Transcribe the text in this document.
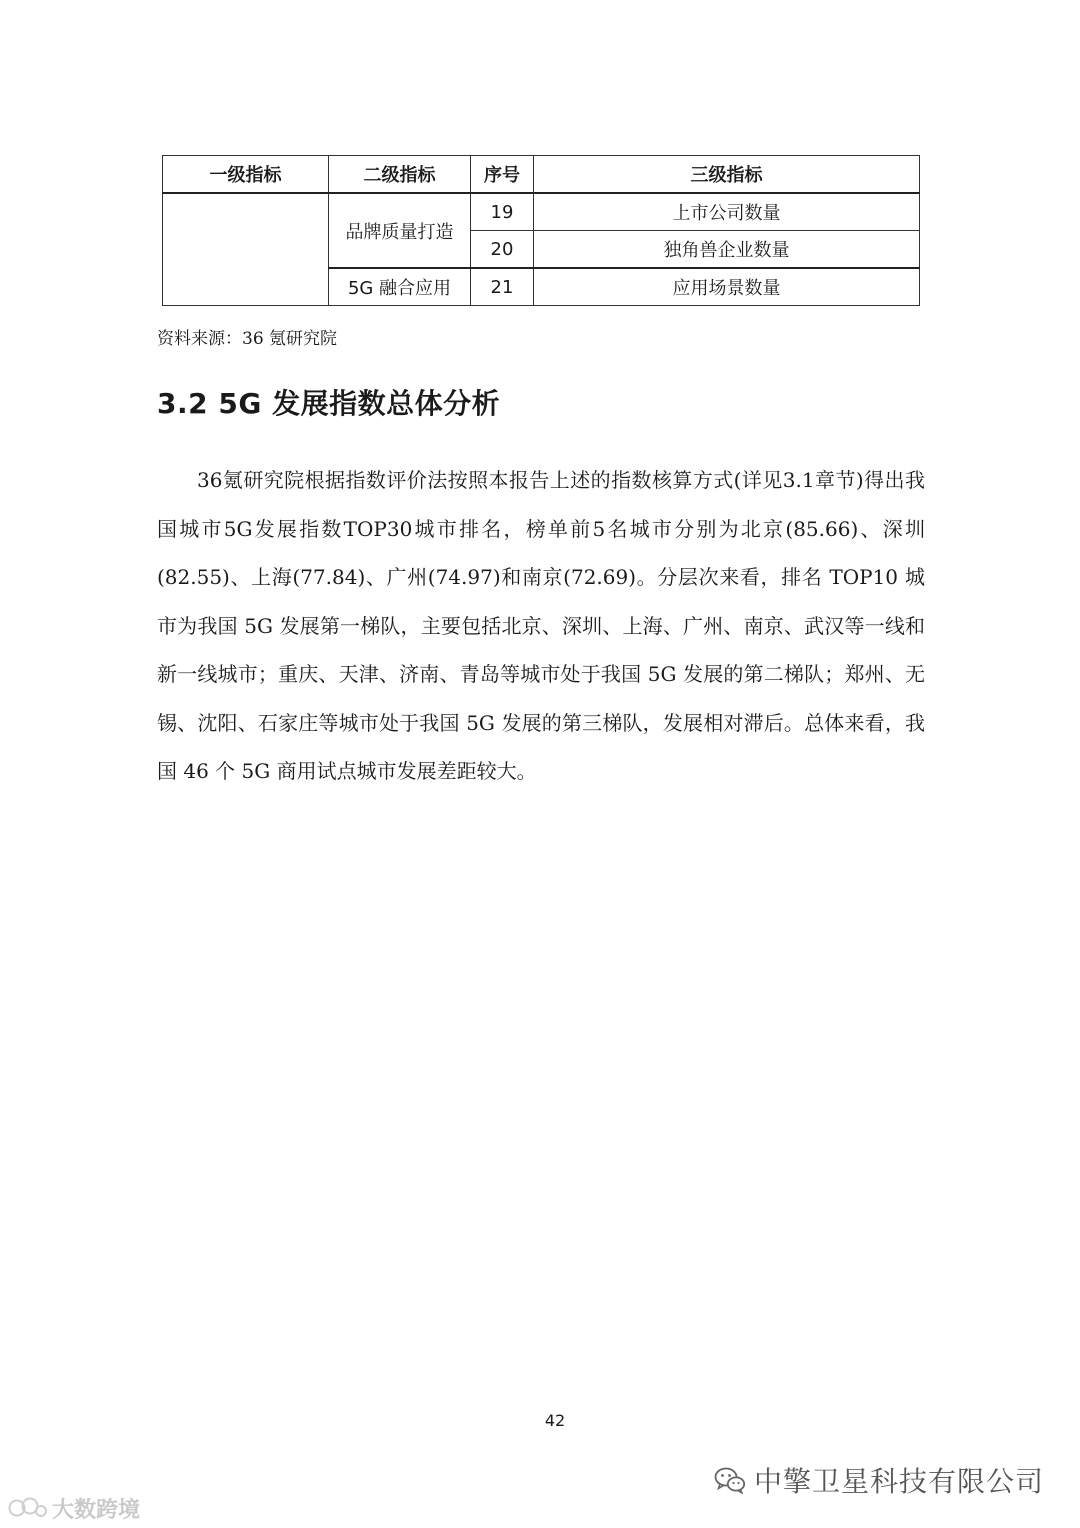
一级指标	二级指标	序号	三级指标
	品牌质量打造	19	上市公司数量
		20	独角兽企业数量
	5G 融合应用	21	应用场景数量
资料来源：36 氪研究院
3.2 5G 发展指数总体分析

36氪研究院根据指数评价法按照本报告上述的指数核算方式(详见3.1章节)得出我国城市5G发展指数TOP30城市排名，榜单前5名城市分别为北京(85.66)、深圳(82.55)、上海(77.84)、广州(74.97)和南京(72.69)。分层次来看，排名 TOP10 城市为我国 5G 发展第一梯队，主要包括北京、深圳、上海、广州、南京、武汉等一线和新一线城市；重庆、天津、济南、青岛等城市处于我国 5G 发展的第二梯队；郑州、无锡、沈阳、石家庄等城市处于我国 5G 发展的第三梯队，发展相对滞后。总体来看，我国 46 个 5G 商用试点城市发展差距较大。

42
中擎卫星科技有限公司
大数跨境
